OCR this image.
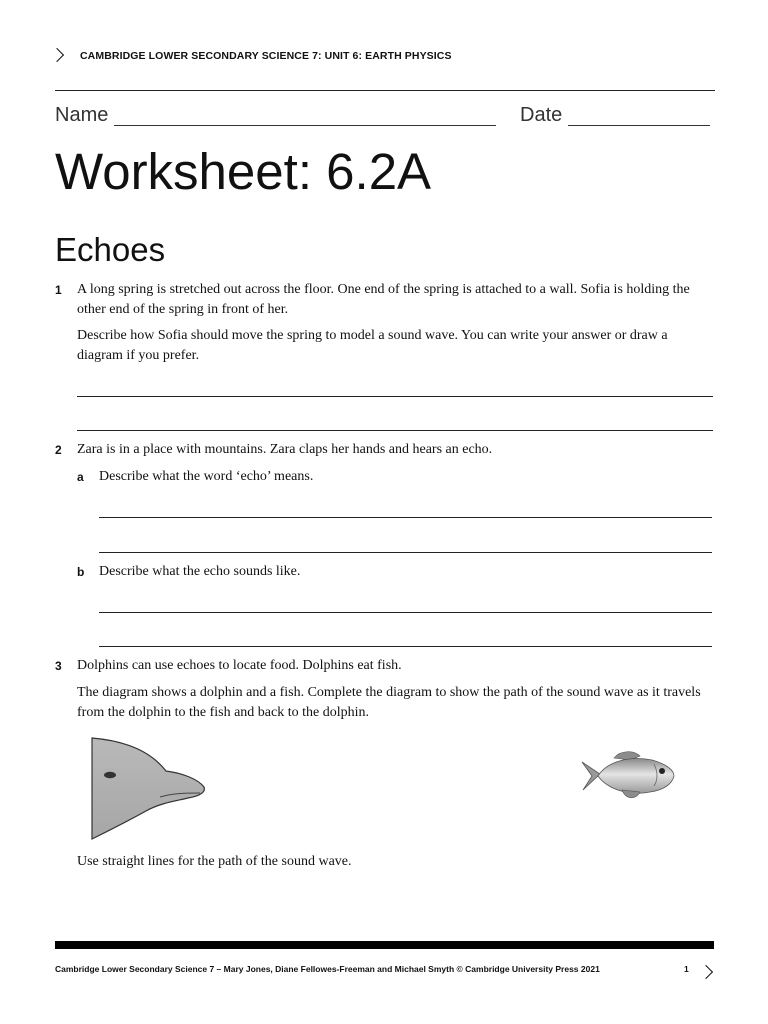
CAMBRIDGE LOWER SECONDARY SCIENCE 7: UNIT 6: EARTH PHYSICS
Name	Date
Worksheet: 6.2A
Echoes
1 A long spring is stretched out across the floor. One end of the spring is attached to a wall. Sofia is holding the other end of the spring in front of her.
Describe how Sofia should move the spring to model a sound wave. You can write your answer or draw a diagram if you prefer.
2 Zara is in a place with mountains. Zara claps her hands and hears an echo.
a Describe what the word ‘echo’ means.
b Describe what the echo sounds like.
3 Dolphins can use echoes to locate food. Dolphins eat fish.
The diagram shows a dolphin and a fish. Complete the diagram to show the path of the sound wave as it travels from the dolphin to the fish and back to the dolphin.
Use straight lines for the path of the sound wave.
Cambridge Lower Secondary Science 7 – Mary Jones, Diane Fellowes-Freeman and Michael Smyth © Cambridge University Press 2021	1
